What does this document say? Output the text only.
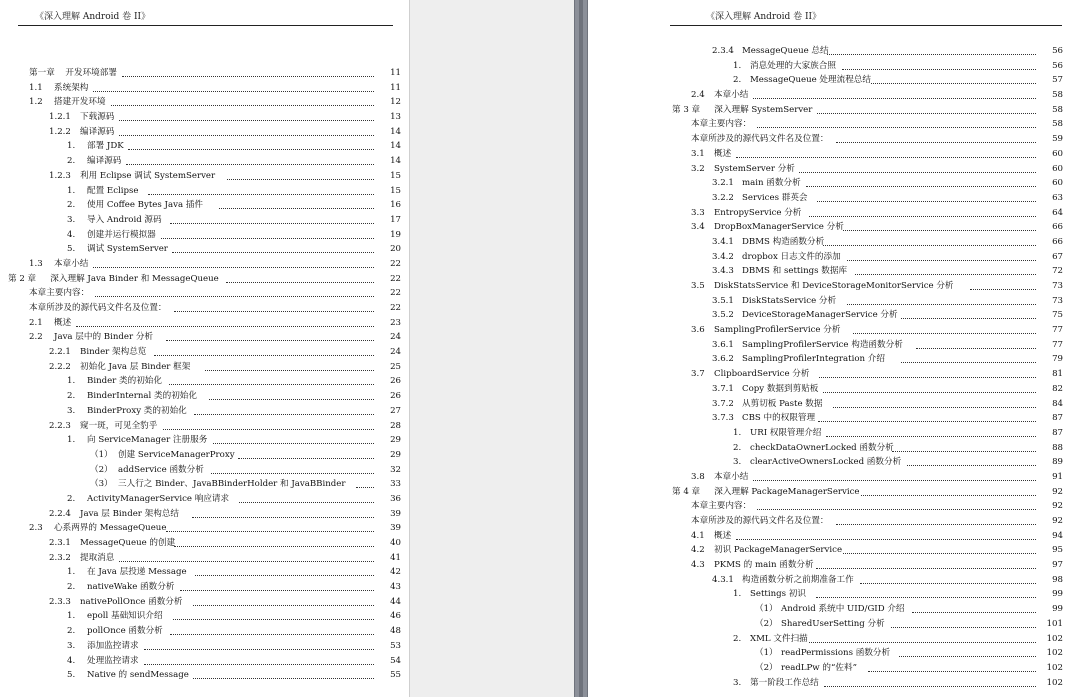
《深入理解 Android 卷 II》
第一章 开发环境部署	11
1.1 系统架构	11
1.2 搭建开发环境	12
1.2.1 下载源码	13
1.2.2 编译源码	14
1. 部署 JDK	14
2. 编译源码	14
1.2.3 利用 Eclipse 调试 SystemServer	15
1. 配置 Eclipse	15
2. 使用 Coffee Bytes Java 插件	16
3. 导入 Android 源码	17
4. 创建并运行模拟器	19
5. 调试 SystemServer	20
1.3 本章小结	22
第 2 章 深入理解 Java Binder 和 MessageQueue	22
本章主要内容：	22
本章所涉及的源代码文件名及位置：	22
2.1 概述	23
2.2 Java 层中的 Binder 分析	24
2.2.1 Binder 架构总览	24
2.2.2 初始化 Java 层 Binder 框架	25
1. Binder 类的初始化	26
2. BinderInternal 类的初始化	26
3. BinderProxy 类的初始化	27
2.2.3 窥一斑，可见全豹乎	28
1. 向 ServiceManager 注册服务	29
（1） 创建 ServiceManagerProxy	29
（2） addService 函数分析	32
（3） 三人行之 Binder、JavaBBinderHolder 和 JavaBBinder	33
2. ActivityManagerService 响应请求	36
2.2.4 Java 层 Binder 架构总结	39
2.3 心系两界的 MessageQueue	39
2.3.1 MessageQueue 的创建	40
2.3.2 提取消息	41
1. 在 Java 层投递 Message	42
2. nativeWake 函数分析	43
2.3.3 nativePollOnce 函数分析	44
1. epoll 基础知识介绍	46
2. pollOnce 函数分析	48
3. 添加监控请求	53
4. 处理监控请求	54
5. Native 的 sendMessage	55
《深入理解 Android 卷 II》
2.3.4 MessageQueue 总结	56
1. 消息处理的大家族合照	56
2. MessageQueue 处理流程总结	57
2.4 本章小结	58
第 3 章 深入理解 SystemServer	58
本章主要内容：	58
本章所涉及的源代码文件名及位置：	59
3.1 概述	60
3.2 SystemServer 分析	60
3.2.1 main 函数分析	60
3.2.2 Services 群英会	63
3.3 EntropyService 分析	64
3.4 DropBoxManagerService 分析	66
3.4.1 DBMS 构造函数分析	66
3.4.2 dropbox 日志文件的添加	67
3.4.3 DBMS 和 settings 数据库	72
3.5 DiskStatsService 和 DeviceStorageMonitorService 分析	73
3.5.1 DiskStatsService 分析	73
3.5.2 DeviceStorageManagerService 分析	75
3.6 SamplingProfilerService 分析	77
3.6.1 SamplingProfilerService 构造函数分析	77
3.6.2 SamplingProfilerIntegration 介绍	79
3.7 ClipboardService 分析	81
3.7.1 Copy 数据到剪贴板	82
3.7.2 从剪切板 Paste 数据	84
3.7.3 CBS 中的权限管理	87
1. URI 权限管理介绍	87
2. checkDataOwnerLocked 函数分析	88
3. clearActiveOwnersLocked 函数分析	89
3.8 本章小结	91
第 4 章 深入理解 PackageManagerService	92
本章主要内容：	92
本章所涉及的源代码文件名及位置：	92
4.1 概述	94
4.2 初识 PackageManagerService	95
4.3 PKMS 的 main 函数分析	97
4.3.1 构造函数分析之前期准备工作	98
1. Settings 初识	99
（1） Android 系统中 UID/GID 介绍	99
（2） SharedUserSetting 分析	101
2. XML 文件扫描	102
（1） readPermissions 函数分析	102
（2） readLPw 的“佐料”	102
3. 第一阶段工作总结	102
